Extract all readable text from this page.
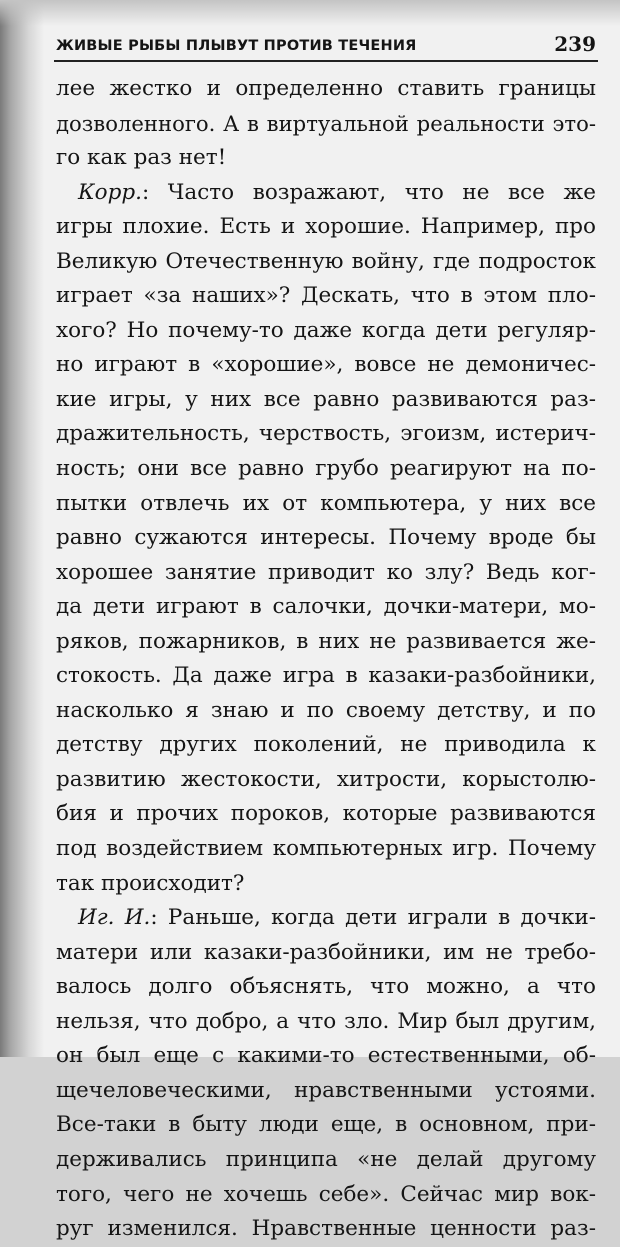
ЖИВЫЕ РЫБЫ ПЛЫВУТ ПРОТИВ ТЕЧЕНИЯ	239
лее жестко и определенно ставить границы
дозволенного. А в виртуальной реальности это-
го как раз нет!
Корр.: Часто возражают, что не все же
игры плохие. Есть и хорошие. Например, про
Великую Отечественную войну, где подросток
играет «за наших»? Дескать, что в этом пло-
хого? Но почему-то даже когда дети регуляр-
но играют в «хорошие», вовсе не демоничес-
кие игры, у них все равно развиваются раз-
дражительность, черствость, эгоизм, истерич-
ность; они все равно грубо реагируют на по-
пытки отвлечь их от компьютера, у них все
равно сужаются интересы. Почему вроде бы
хорошее занятие приводит ко злу? Ведь ког-
да дети играют в салочки, дочки-матери, мо-
ряков, пожарников, в них не развивается же-
стокость. Да даже игра в казаки-разбойники,
насколько я знаю и по своему детству, и по
детству других поколений, не приводила к
развитию жестокости, хитрости, корыстолю-
бия и прочих пороков, которые развиваются
под воздействием компьютерных игр. Почему
так происходит?
Иг. И.: Раньше, когда дети играли в дочки-
матери или казаки-разбойники, им не требо-
валось долго объяснять, что можно, а что
нельзя, что добро, а что зло. Мир был другим,
он был еще с какими-то естественными, об-
щечеловеческими, нравственными устоями.
Все-таки в быту люди еще, в основном, при-
держивались принципа «не делай другому
того, чего не хочешь себе». Сейчас мир вок-
руг изменился. Нравственные ценности раз-
